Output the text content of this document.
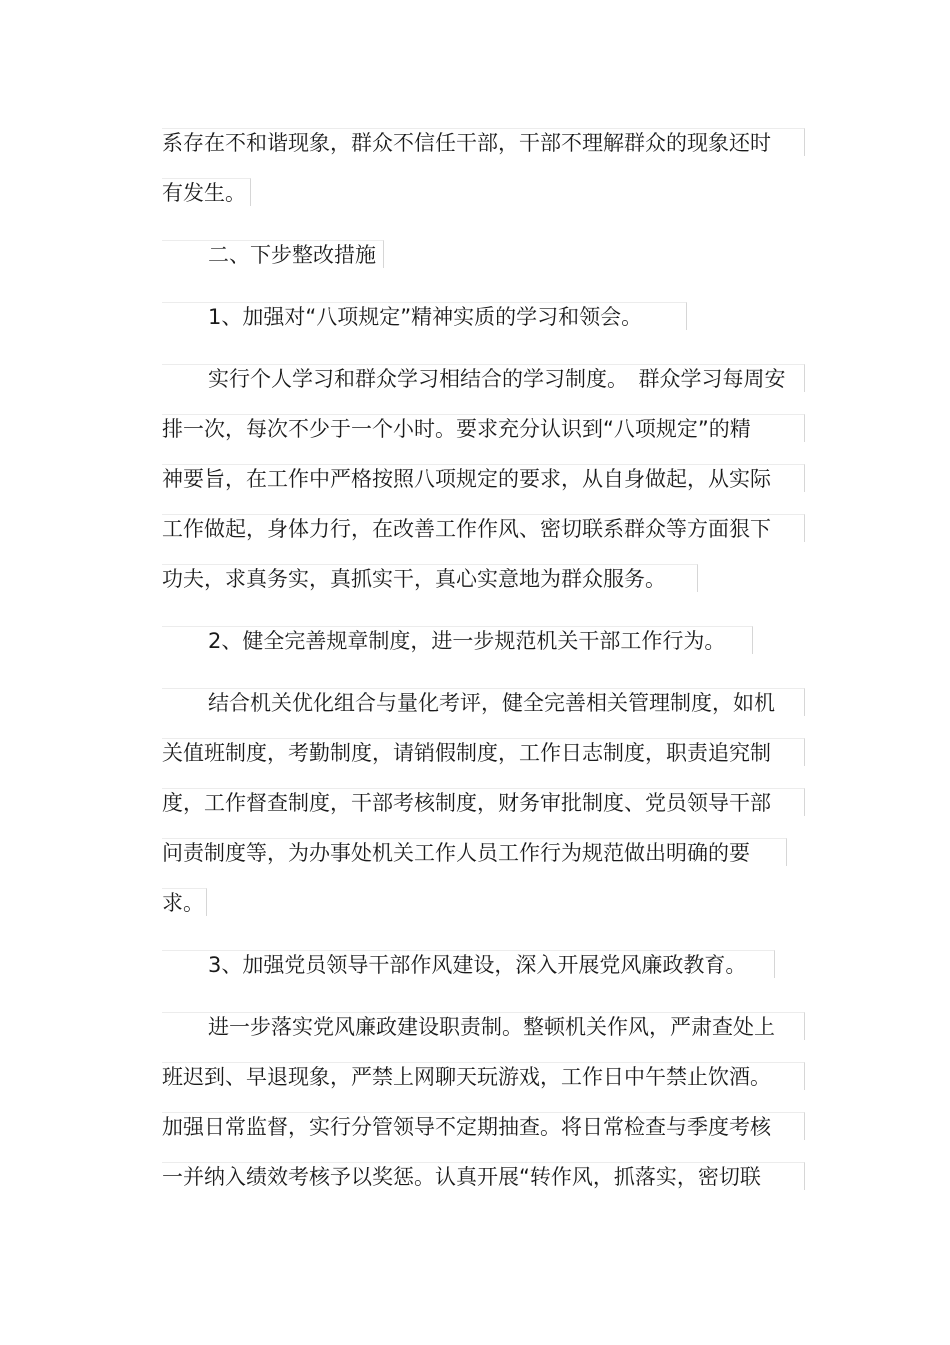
系存在不和谐现象，群众不信任干部，干部不理解群众的现象还时
有发生。
二、下步整改措施
1、加强对“八项规定”精神实质的学习和领会。
实行个人学习和群众学习相结合的学习制度。　群众学习每周安
排一次，每次不少于一个小时。要求充分认识到“八项规定”的精
神要旨，在工作中严格按照八项规定的要求，从自身做起，从实际
工作做起，身体力行，在改善工作作风、密切联系群众等方面狠下
功夫，求真务实，真抓实干，真心实意地为群众服务。
2、健全完善规章制度，进一步规范机关干部工作行为。
结合机关优化组合与量化考评，健全完善相关管理制度，如机
关值班制度，考勤制度，请销假制度，工作日志制度，职责追究制
度，工作督查制度，干部考核制度，财务审批制度、党员领导干部
问责制度等，为办事处机关工作人员工作行为规范做出明确的要
求。
3、加强党员领导干部作风建设，深入开展党风廉政教育。
进一步落实党风廉政建设职责制。整顿机关作风，严肃查处上
班迟到、早退现象，严禁上网聊天玩游戏，工作日中午禁止饮酒。
加强日常监督，实行分管领导不定期抽查。将日常检查与季度考核
一并纳入绩效考核予以奖惩。认真开展“转作风，抓落实，密切联
